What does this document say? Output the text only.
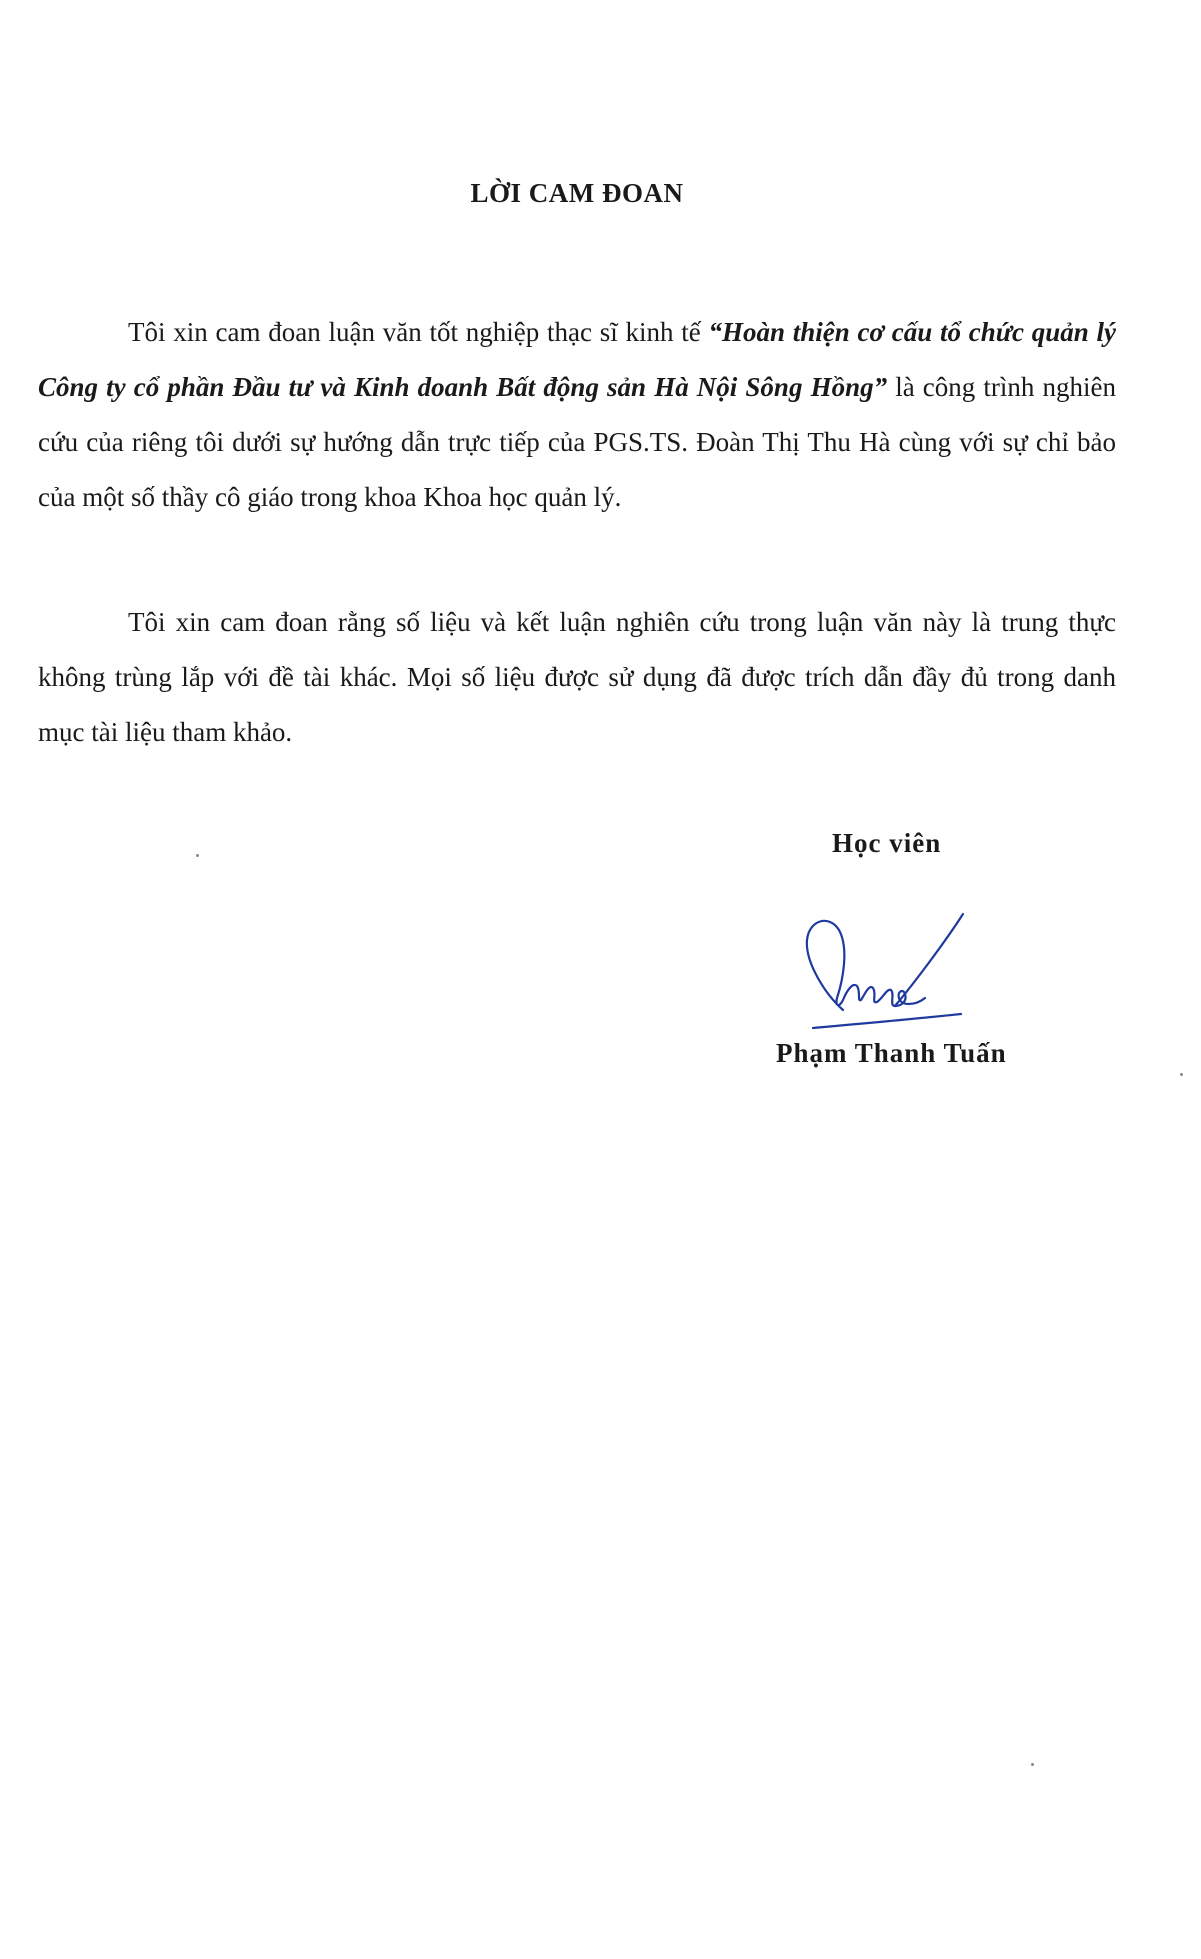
LỜI CAM ĐOAN
Tôi xin cam đoan luận văn tốt nghiệp thạc sĩ kinh tế “Hoàn thiện cơ cấu tổ chức quản lý Công ty cổ phần Đầu tư và Kinh doanh Bất động sản Hà Nội Sông Hồng” là công trình nghiên cứu của riêng tôi dưới sự hướng dẫn trực tiếp của PGS.TS. Đoàn Thị Thu Hà cùng với sự chỉ bảo của một số thầy cô giáo trong khoa Khoa học quản lý.
Tôi xin cam đoan rằng số liệu và kết luận nghiên cứu trong luận văn này là trung thực không trùng lắp với đề tài khác. Mọi số liệu được sử dụng đã được trích dẫn đầy đủ trong danh mục tài liệu tham khảo.
Học viên
Phạm Thanh Tuấn
